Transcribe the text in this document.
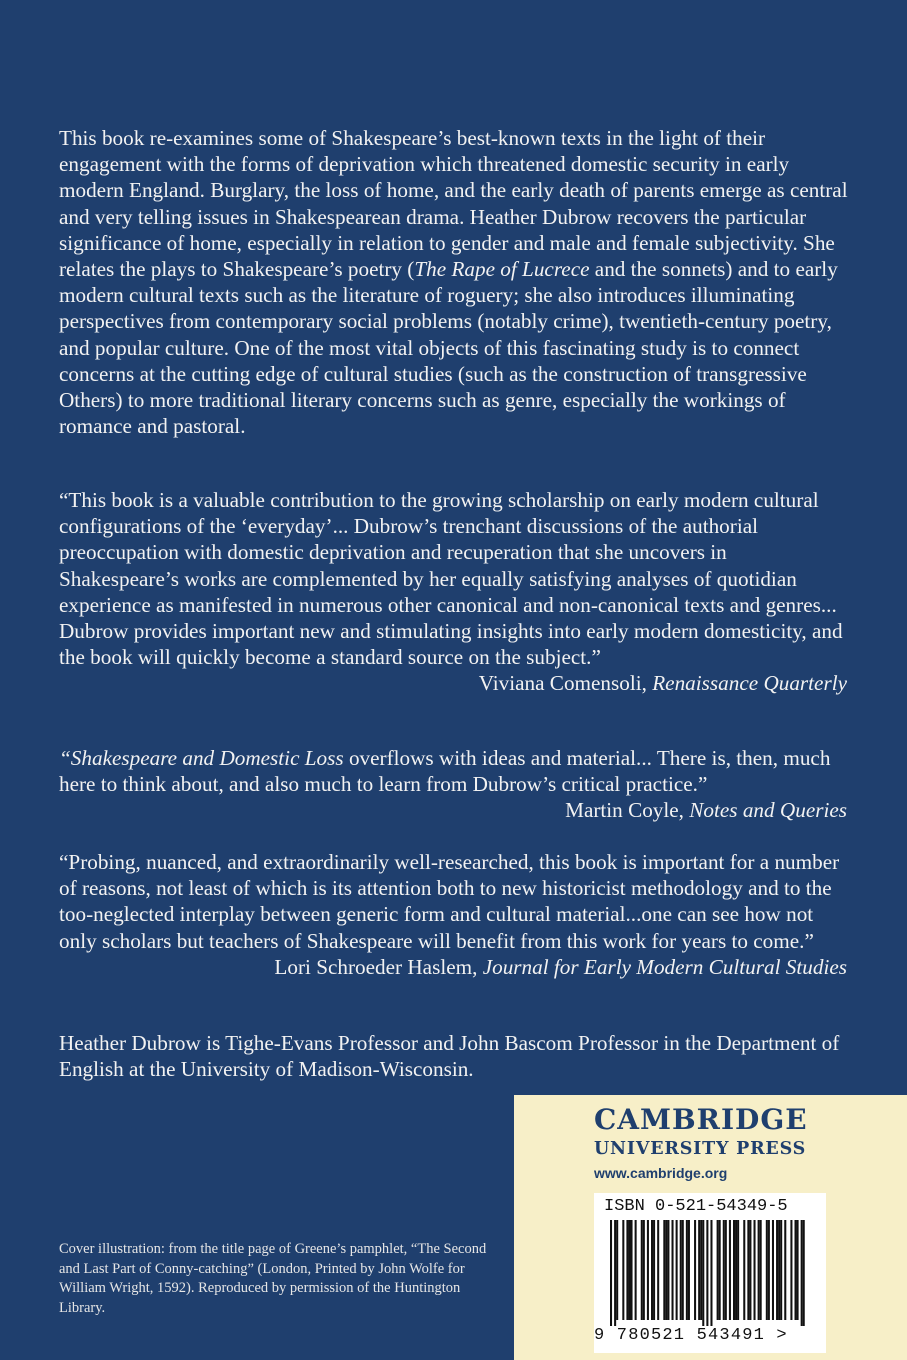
This book re-examines some of Shakespeare’s best-known texts in the light of their engagement with the forms of deprivation which threatened domestic security in early modern England. Burglary, the loss of home, and the early death of parents emerge as central and very telling issues in Shakespearean drama. Heather Dubrow recovers the particular significance of home, especially in relation to gender and male and female subjectivity. She relates the plays to Shakespeare’s poetry (The Rape of Lucrece and the sonnets) and to early modern cultural texts such as the literature of roguery; she also introduces illuminating perspectives from contemporary social problems (notably crime), twentieth-century poetry, and popular culture. One of the most vital objects of this fascinating study is to connect concerns at the cutting edge of cultural studies (such as the construction of transgressive Others) to more traditional literary concerns such as genre, especially the workings of romance and pastoral.

“This book is a valuable contribution to the growing scholarship on early modern cultural configurations of the ‘everyday’... Dubrow’s trenchant discussions of the authorial preoccupation with domestic deprivation and recuperation that she uncovers in Shakespeare’s works are complemented by her equally satisfying analyses of quotidian experience as manifested in numerous other canonical and non-canonical texts and genres... Dubrow provides important new and stimulating insights into early modern domesticity, and the book will quickly become a standard source on the subject.”

Viviana Comensoli, Renaissance Quarterly

“Shakespeare and Domestic Loss overflows with ideas and material... There is, then, much here to think about, and also much to learn from Dubrow’s critical practice.”

Martin Coyle, Notes and Queries

“Probing, nuanced, and extraordinarily well-researched, this book is important for a number of reasons, not least of which is its attention both to new historicist methodology and to the too-neglected interplay between generic form and cultural material...one can see how not only scholars but teachers of Shakespeare will benefit from this work for years to come.”

Lori Schroeder Haslem, Journal for Early Modern Cultural Studies

Heather Dubrow is Tighe-Evans Professor and John Bascom Professor in the Department of English at the University of Madison-Wisconsin.

Cover illustration: from the title page of Greene’s pamphlet, “The Second and Last Part of Conny-catching” (London, Printed by John Wolfe for William Wright, 1592). Reproduced by permission of the Huntington Library.
CAMBRIDGE
UNIVERSITY PRESS
www.cambridge.org
ISBN 0-521-54349-5
9 780521 543491 >
